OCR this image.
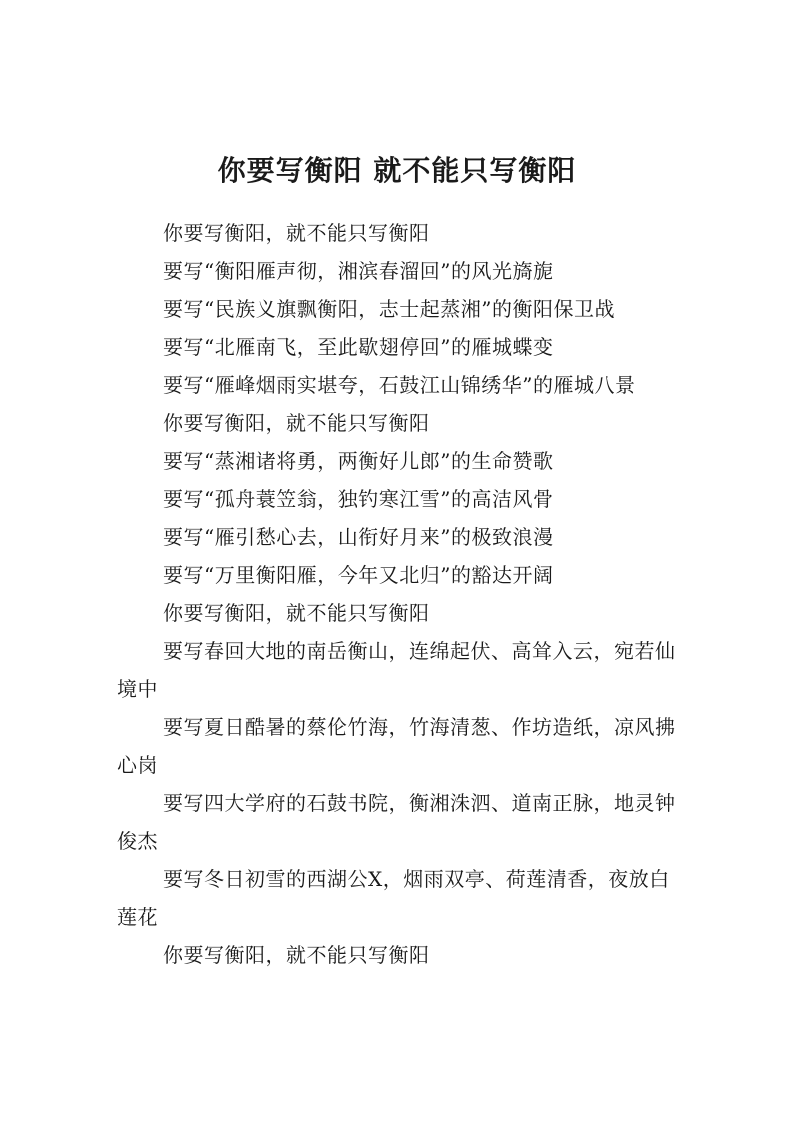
你要写衡阳 就不能只写衡阳

你要写衡阳，就不能只写衡阳

要写“衡阳雁声彻，湘滨春溜回”的风光旖旎

要写“民族义旗飘衡阳，志士起蒸湘”的衡阳保卫战

要写“北雁南飞，至此歇翅停回”的雁城蝶变

要写“雁峰烟雨实堪夸，石鼓江山锦绣华”的雁城八景

你要写衡阳，就不能只写衡阳

要写“蒸湘诸将勇，两衡好儿郎”的生命赞歌

要写“孤舟蓑笠翁，独钓寒江雪”的高洁风骨

要写“雁引愁心去，山衔好月来”的极致浪漫

要写“万里衡阳雁，今年又北归”的豁达开阔

你要写衡阳，就不能只写衡阳

要写春回大地的南岳衡山，连绵起伏、高耸入云，宛若仙境中

要写夏日酷暑的蔡伦竹海，竹海清葱、作坊造纸，凉风拂心岗

要写四大学府的石鼓书院，衡湘洙泗、道南正脉，地灵钟俊杰

要写冬日初雪的西湖公X，烟雨双亭、荷莲清香，夜放白莲花

你要写衡阳，就不能只写衡阳
